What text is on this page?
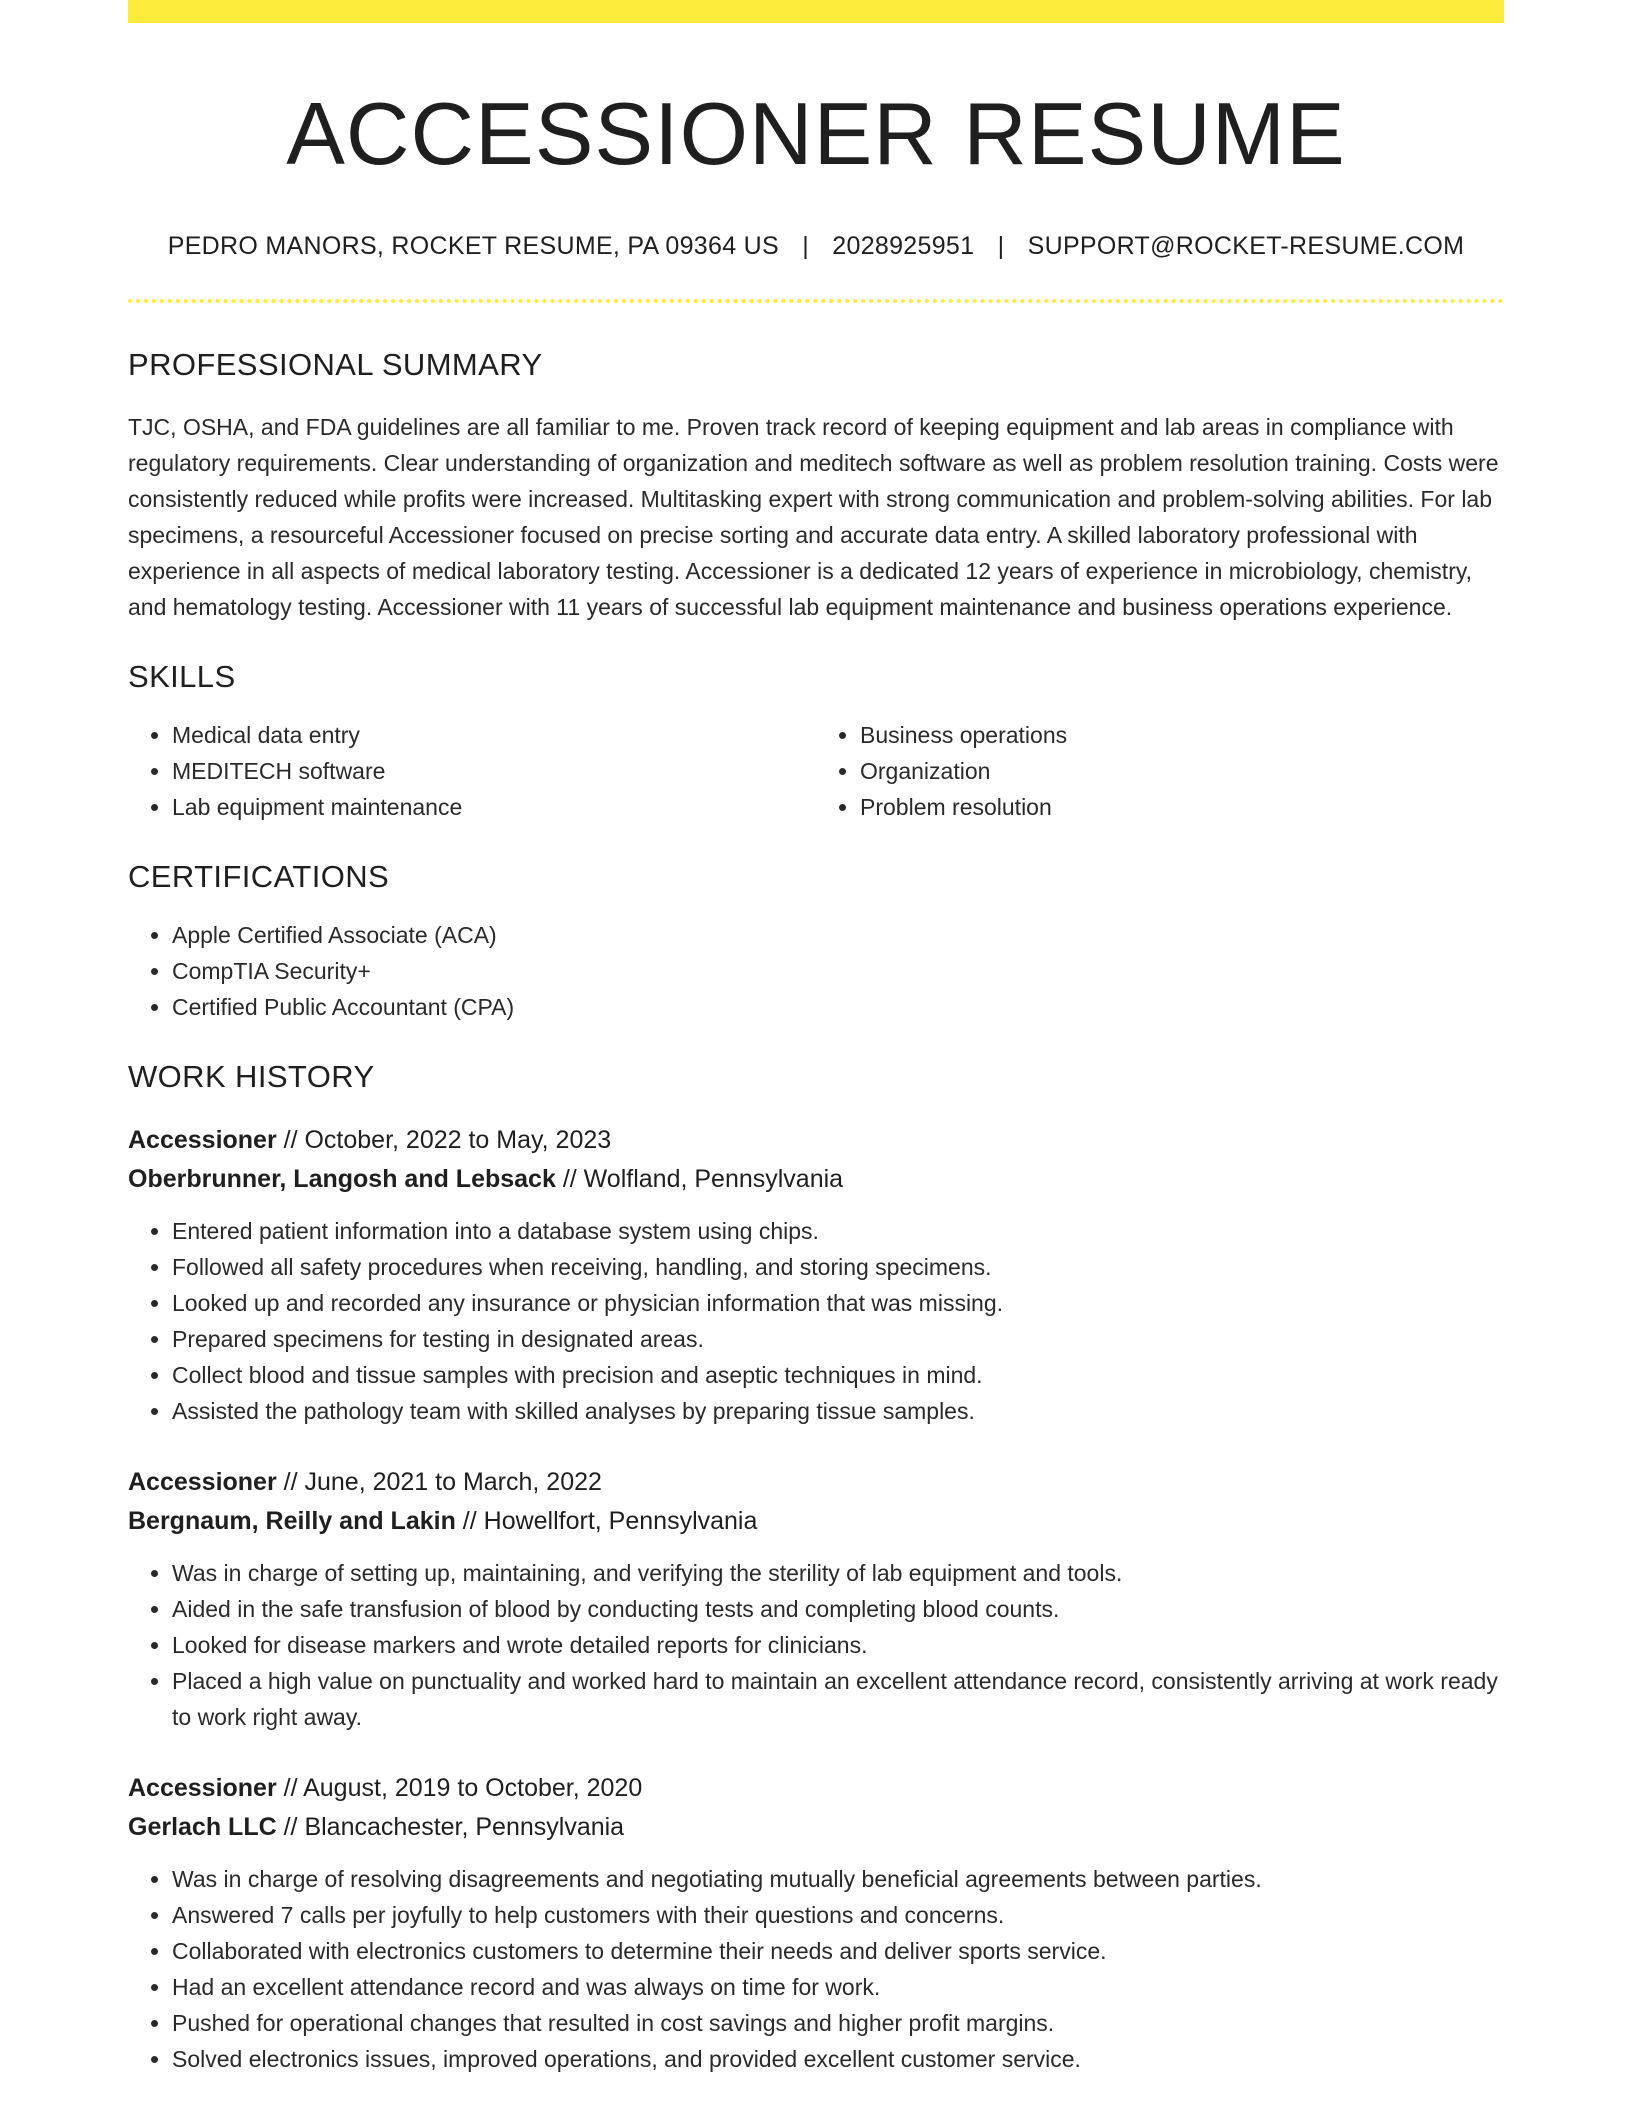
ACCESSIONER RESUME
PEDRO MANORS, ROCKET RESUME, PA 09364 US | 2028925951 | SUPPORT@ROCKET-RESUME.COM
PROFESSIONAL SUMMARY

TJC, OSHA, and FDA guidelines are all familiar to me. Proven track record of keeping equipment and lab areas in compliance with regulatory requirements. Clear understanding of organization and meditech software as well as problem resolution training. Costs were consistently reduced while profits were increased. Multitasking expert with strong communication and problem-solving abilities. For lab specimens, a resourceful Accessioner focused on precise sorting and accurate data entry. A skilled laboratory professional with experience in all aspects of medical laboratory testing. Accessioner is a dedicated 12 years of experience in microbiology, chemistry, and hematology testing. Accessioner with 11 years of successful lab equipment maintenance and business operations experience.

SKILLS
• Medical data entry
• MEDITECH software
• Lab equipment maintenance
• Business operations
• Organization
• Problem resolution
CERTIFICATIONS
• Apple Certified Associate (ACA)
• CompTIA Security+
• Certified Public Accountant (CPA)
WORK HISTORY
Accessioner // October, 2022 to May, 2023
Oberbrunner, Langosh and Lebsack // Wolfland, Pennsylvania
• Entered patient information into a database system using chips.
• Followed all safety procedures when receiving, handling, and storing specimens.
• Looked up and recorded any insurance or physician information that was missing.
• Prepared specimens for testing in designated areas.
• Collect blood and tissue samples with precision and aseptic techniques in mind.
• Assisted the pathology team with skilled analyses by preparing tissue samples.
Accessioner // June, 2021 to March, 2022
Bergnaum, Reilly and Lakin // Howellfort, Pennsylvania
• Was in charge of setting up, maintaining, and verifying the sterility of lab equipment and tools.
• Aided in the safe transfusion of blood by conducting tests and completing blood counts.
• Looked for disease markers and wrote detailed reports for clinicians.
• Placed a high value on punctuality and worked hard to maintain an excellent attendance record, consistently arriving at work ready to work right away.
Accessioner // August, 2019 to October, 2020
Gerlach LLC // Blancachester, Pennsylvania
• Was in charge of resolving disagreements and negotiating mutually beneficial agreements between parties.
• Answered 7 calls per joyfully to help customers with their questions and concerns.
• Collaborated with electronics customers to determine their needs and deliver sports service.
• Had an excellent attendance record and was always on time for work.
• Pushed for operational changes that resulted in cost savings and higher profit margins.
• Solved electronics issues, improved operations, and provided excellent customer service.
